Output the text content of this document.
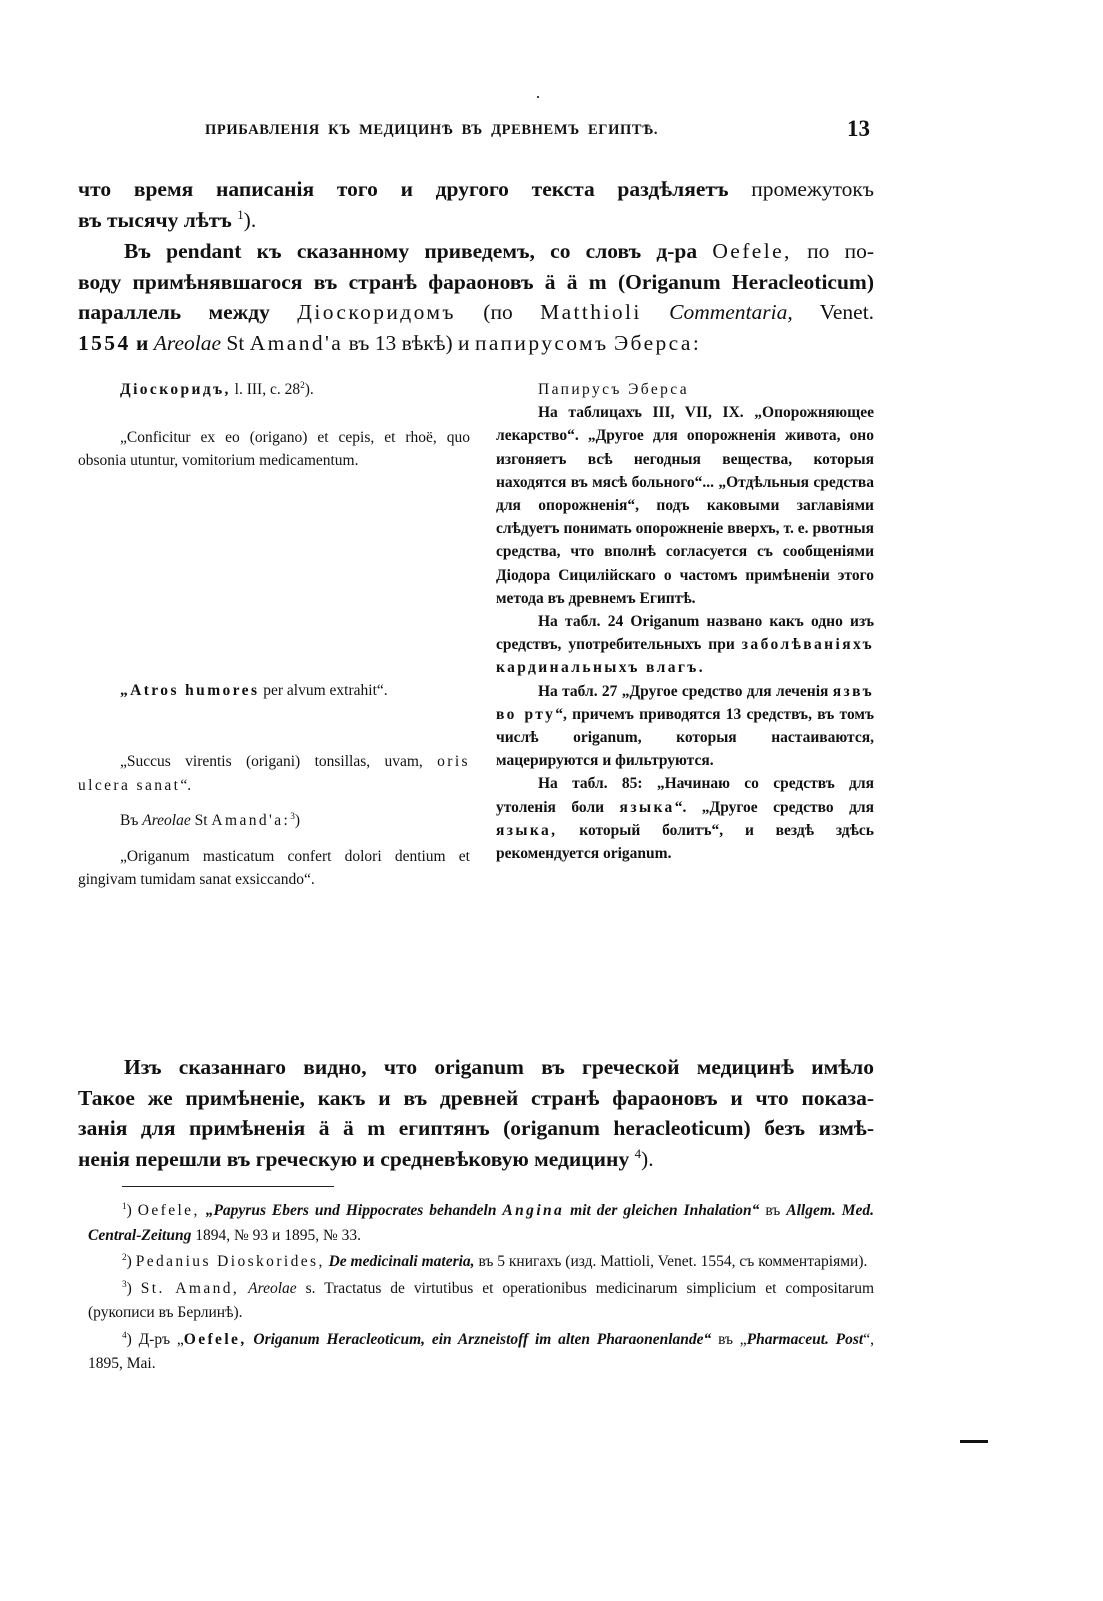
ПРИБАВЛЕНІЯ КЪ МЕДИЦИНѢ ВЪ ДРЕВНЕМЪ ЕГИПТѢ.	13
что время написанія того и другого текста раздѣляетъ промежутокъ
въ тысячу лѣтъ $^1$).
Въ pendant къ сказанному приведемъ, со словъ д-ра Oefele, по по-
воду примѣнявшагося въ странѣ фараоновъ ä ä m (Origanum Heracleoticum)
параллель между Діоскоридомъ (по Matthioli Commentaria, Venet.
1554 и Areolae St Amand'a въ 13 вѣкѣ) и папирусомъ Эберса:

Діоскоридъ, l. III, c. $28^2$).

„Conficitur ex eo (origano) et cepis, et rhoë, quo obsonia utuntur, vomitorium medicamentum.

„Atros humores per alvum extrahit“.

„Succus virentis (origani) tonsillas, uvam, oris ulcera sanat“.

Въ Areolae St Amand'a:$^3$)

„Origanum masticatum confert dolori dentium et gingivam tumidam sanat exsiccando“.

Папирусъ Эберса

На таблицахъ III, VII, IX. „Опорожняющее лекарство“. „Другое для опорожненія живота, оно изгоняетъ всѣ негодныя вещества, которыя находятся въ мясѣ больного“... „Отдѣльныя средства для опорожненія“, подъ каковыми заглавіями слѣдуетъ понимать опорожненіе вверхъ, т. е. рвотныя средства, что вполнѣ согласуется съ сообщеніями Діодора Сицилійскаго о частомъ примѣненіи этого метода въ древнемъ Египтѣ.

На табл. 24 Origanum названо какъ одно изъ средствъ, употребительныхъ при заболѣваніяхъ кардинальныхъ влагъ.

На табл. 27 „Другое средство для леченія язвъ во рту“, причемъ приводятся 13 средствъ, въ томъ числѣ origanum, которыя настаиваются, мацерируются и фильтруются.

На табл. 85: „Начинаю со средствъ для утоленія боли языка“. „Другое средство для языка, который болитъ“, и вездѣ здѣсь рекомендуется origanum.

Изъ сказаннаго видно, что origanum въ греческой медицинѣ имѣло
Такое же примѣненіе, какъ и въ древней странѣ фараоновъ и что показа-
занія для примѣненія ä ä m египтянъ (origanum heracleoticum) безъ измѣ-
ненія перешли въ греческую и средневѣковую медицину $^4$).

$^1$) Oefele, „Papyrus Ebers und Hippocrates behandeln Angina mit der gleichen Inhalation“ въ Allgem. Med. Central-Zeitung 1894, № 93 и 1895, № 33.

$^2$) Pedanius Dioskorides, De medicinali materia, въ 5 книгахъ (изд. Mattioli, Venet. 1554, съ комментаріями).

$^3$) St. Amand, Areolae s. Tractatus de virtutibus et operationibus medicinarum simplicium et compositarum (рукописи въ Берлинѣ).

$^4$) Д-ръ „Oefele, Origanum Heracleoticum, ein Arzneistoff im alten Pharaonenlande“ въ „Pharmaceut. Post“, 1895, Mai.
